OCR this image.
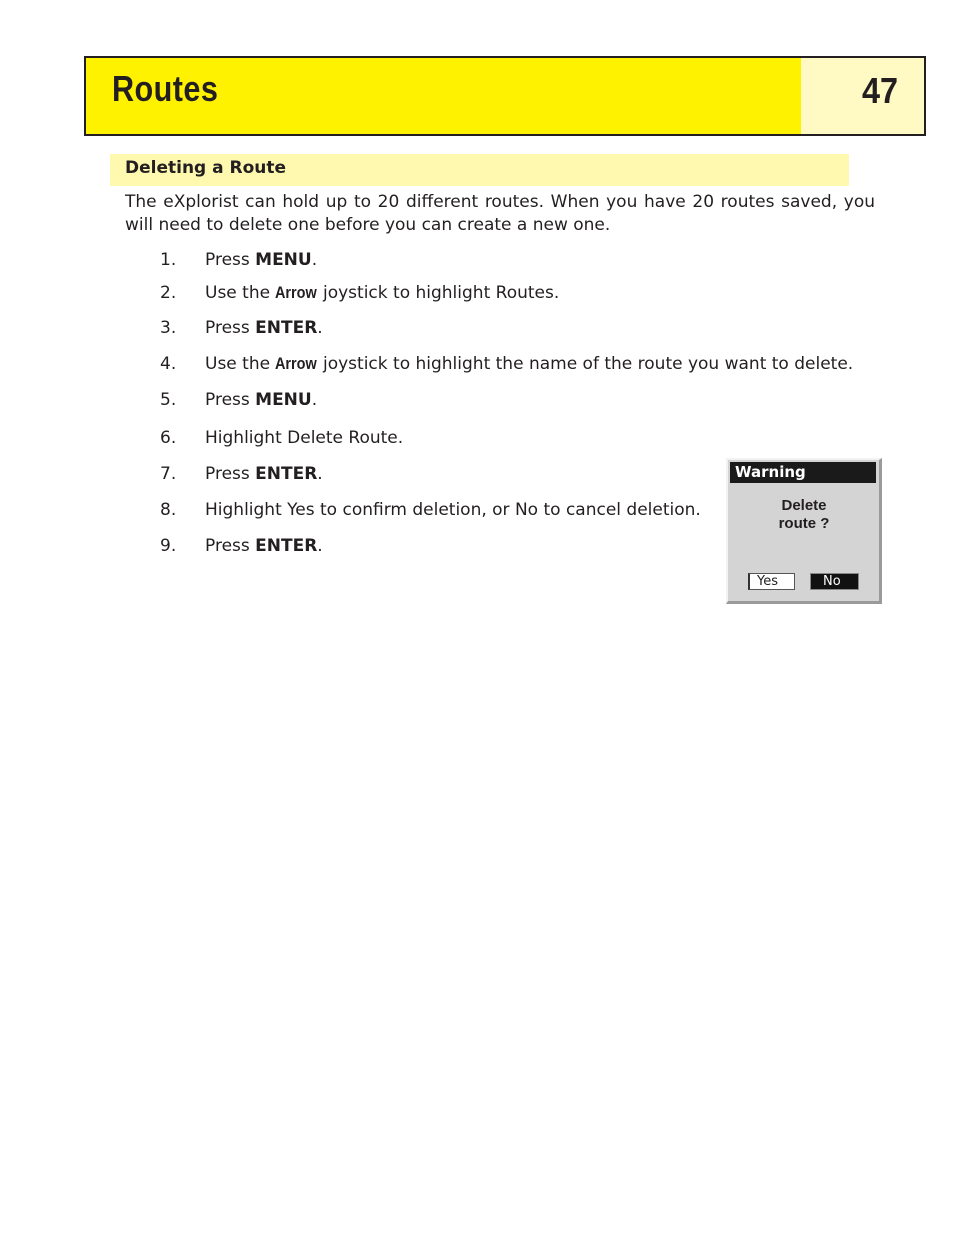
Routes	47
Deleting a Route
The eXplorist can hold up to 20 different routes. When you have 20 routes saved, you will need to delete one before you can create a new one.
1.	Press MENU.
2.	Use the Arrow joystick to highlight Routes.
3.	Press ENTER.
4.	Use the Arrow joystick to highlight the name of the route you want to delete.
5.	Press MENU.
6.	Highlight Delete Route.
7.	Press ENTER.
8.	Highlight Yes to confirm deletion, or No to cancel deletion.
9.	Press ENTER.
Warning
Delete
route ?
Yes	No
